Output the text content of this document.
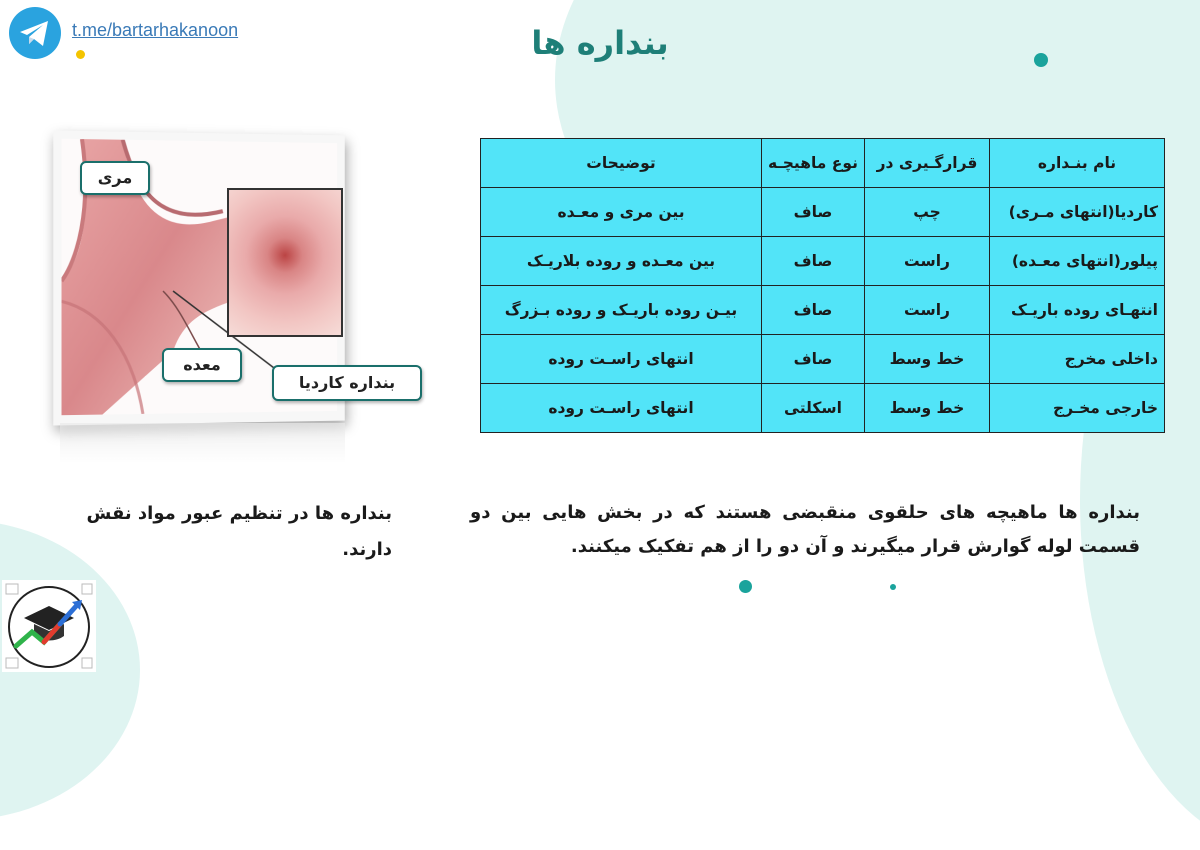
t.me/bartarhakanoon	بنداره ها
مری
معده
بنداره کاردیا
نام بنـداره	قرارگـیری در	نوع ماهیچـه	توضیحات
کاردیا(انتهای مـری)	چپ	صاف	بین مری و معـده
پیلور(انتهای معـده)	راست	صاف	بین معـده و روده بلاریـک
انتهـای روده باریـک	راست	صاف	بیـن روده باریـک و روده بـزرگ
داخلی مخرج	خط وسط	صاف	انتهای راسـت روده
خارجی مخـرج	خط وسط	اسکلتی	انتهای راسـت روده
بنداره ها ماهیچه های حلقوی منقبضی هستند که در بخش هایی بین دو قسمت لوله گوارش قرار میگیرند و آن دو را از هم تفکیک میکنند.
بنداره ها در تنظیم عبور مواد نقش دارند.
